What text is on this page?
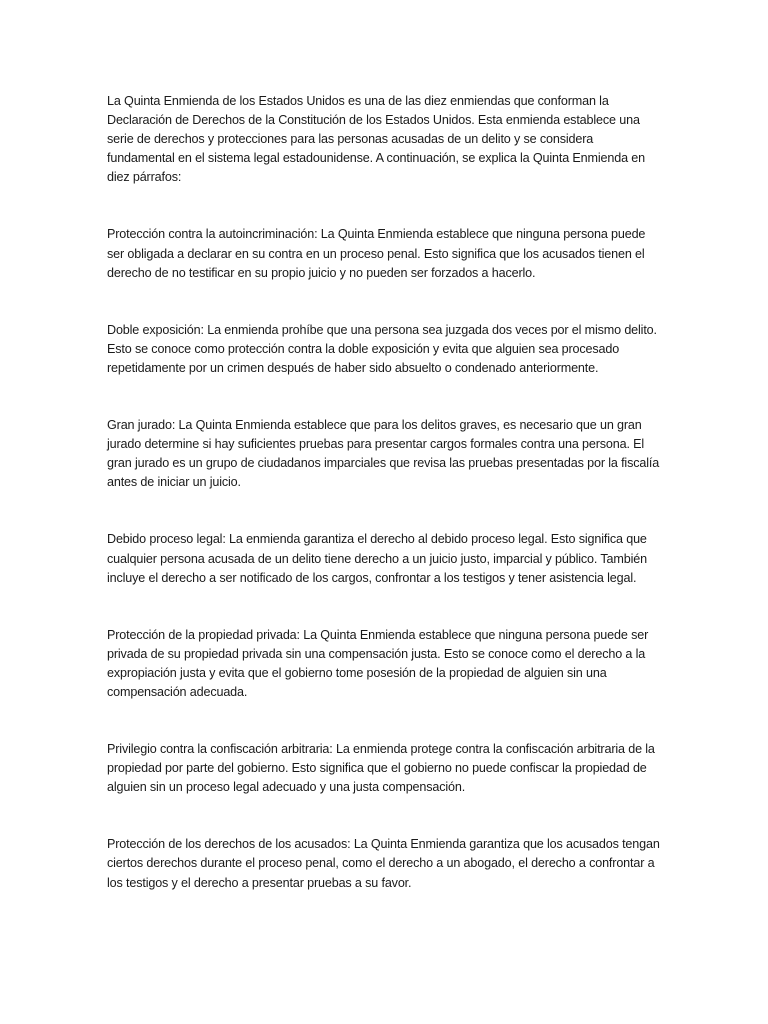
La Quinta Enmienda de los Estados Unidos es una de las diez enmiendas que conforman la Declaración de Derechos de la Constitución de los Estados Unidos. Esta enmienda establece una serie de derechos y protecciones para las personas acusadas de un delito y se considera fundamental en el sistema legal estadounidense. A continuación, se explica la Quinta Enmienda en diez párrafos:

Protección contra la autoincriminación: La Quinta Enmienda establece que ninguna persona puede ser obligada a declarar en su contra en un proceso penal. Esto significa que los acusados tienen el derecho de no testificar en su propio juicio y no pueden ser forzados a hacerlo.

Doble exposición: La enmienda prohíbe que una persona sea juzgada dos veces por el mismo delito. Esto se conoce como protección contra la doble exposición y evita que alguien sea procesado repetidamente por un crimen después de haber sido absuelto o condenado anteriormente.

Gran jurado: La Quinta Enmienda establece que para los delitos graves, es necesario que un gran jurado determine si hay suficientes pruebas para presentar cargos formales contra una persona. El gran jurado es un grupo de ciudadanos imparciales que revisa las pruebas presentadas por la fiscalía antes de iniciar un juicio.

Debido proceso legal: La enmienda garantiza el derecho al debido proceso legal. Esto significa que cualquier persona acusada de un delito tiene derecho a un juicio justo, imparcial y público. También incluye el derecho a ser notificado de los cargos, confrontar a los testigos y tener asistencia legal.

Protección de la propiedad privada: La Quinta Enmienda establece que ninguna persona puede ser privada de su propiedad privada sin una compensación justa. Esto se conoce como el derecho a la expropiación justa y evita que el gobierno tome posesión de la propiedad de alguien sin una compensación adecuada.

Privilegio contra la confiscación arbitraria: La enmienda protege contra la confiscación arbitraria de la propiedad por parte del gobierno. Esto significa que el gobierno no puede confiscar la propiedad de alguien sin un proceso legal adecuado y una justa compensación.

Protección de los derechos de los acusados: La Quinta Enmienda garantiza que los acusados tengan ciertos derechos durante el proceso penal, como el derecho a un abogado, el derecho a confrontar a los testigos y el derecho a presentar pruebas a su favor.
